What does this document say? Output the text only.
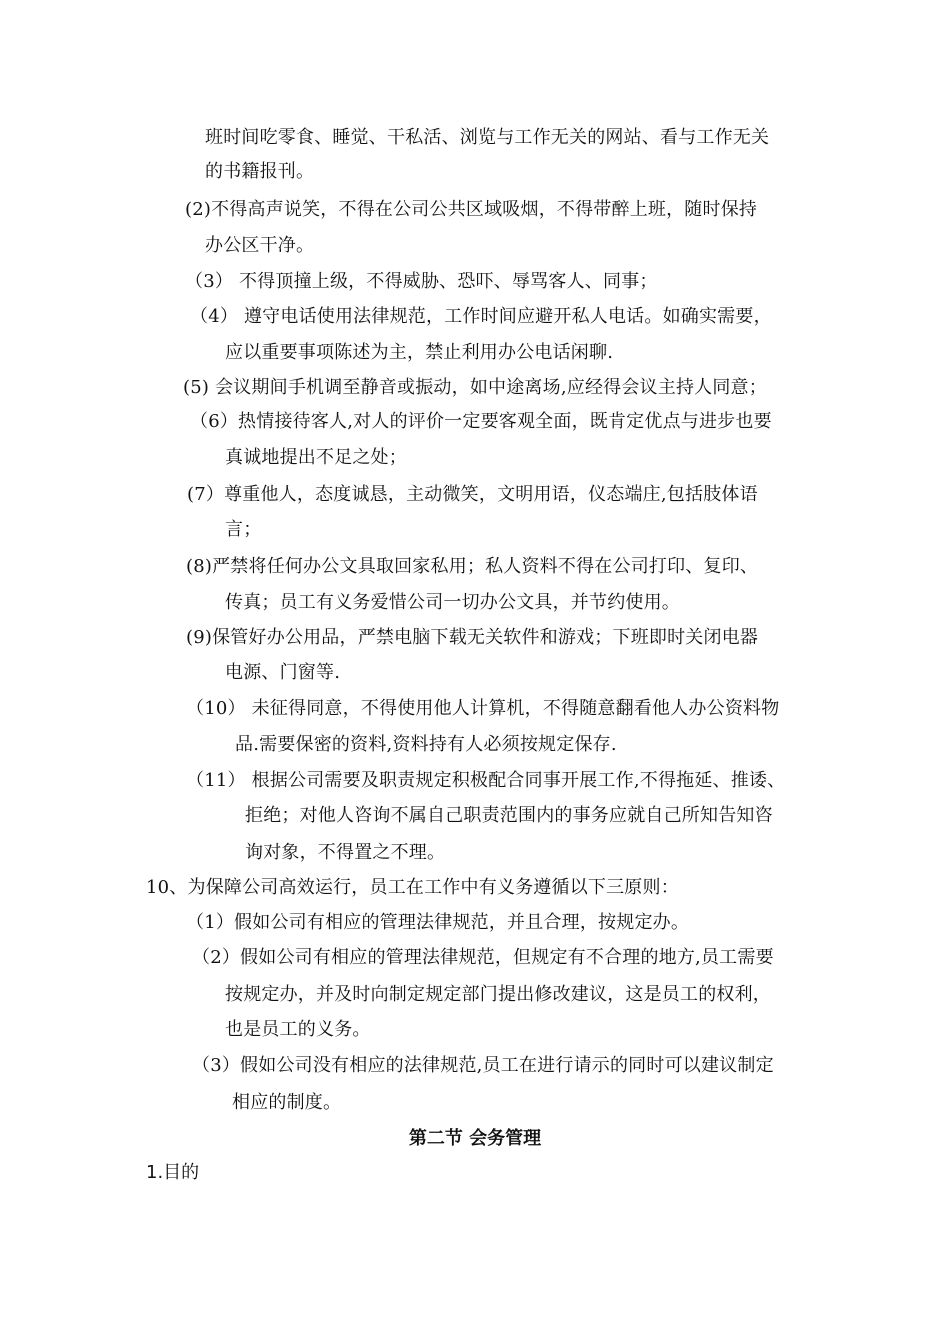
班时间吃零食、睡觉、干私活、浏览与工作无关的网站、看与工作无关
的书籍报刊。
(2)不得高声说笑，不得在公司公共区域吸烟，不得带醉上班，随时保持
办公区干净。
（3） 不得顶撞上级，不得威胁、恐吓、辱骂客人、同事；
（4） 遵守电话使用法律规范，工作时间应避开私人电话。如确实需要，
应以重要事项陈述为主，禁止利用办公电话闲聊.
(5) 会议期间手机调至静音或振动，如中途离场,应经得会议主持人同意；
（6）热情接待客人,对人的评价一定要客观全面，既肯定优点与进步也要
真诚地提出不足之处；
(7）尊重他人，态度诚恳，主动微笑，文明用语，仪态端庄,包括肢体语
言；
(8)严禁将任何办公文具取回家私用；私人资料不得在公司打印、复印、
传真；员工有义务爱惜公司一切办公文具，并节约使用。
(9)保管好办公用品，严禁电脑下载无关软件和游戏；下班即时关闭电器
电源、门窗等.
（10） 未征得同意，不得使用他人计算机，不得随意翻看他人办公资料物
品.需要保密的资料,资料持有人必须按规定保存.
（11） 根据公司需要及职责规定积极配合同事开展工作,不得拖延、推诿、
拒绝；对他人咨询不属自己职责范围内的事务应就自己所知告知咨
询对象，不得置之不理。
10、为保障公司高效运行，员工在工作中有义务遵循以下三原则：
（1）假如公司有相应的管理法律规范，并且合理，按规定办。
（2）假如公司有相应的管理法律规范，但规定有不合理的地方,员工需要
按规定办，并及时向制定规定部门提出修改建议，这是员工的权利，
也是员工的义务。
（3）假如公司没有相应的法律规范,员工在进行请示的同时可以建议制定
相应的制度。
第二节 会务管理
1.目的
